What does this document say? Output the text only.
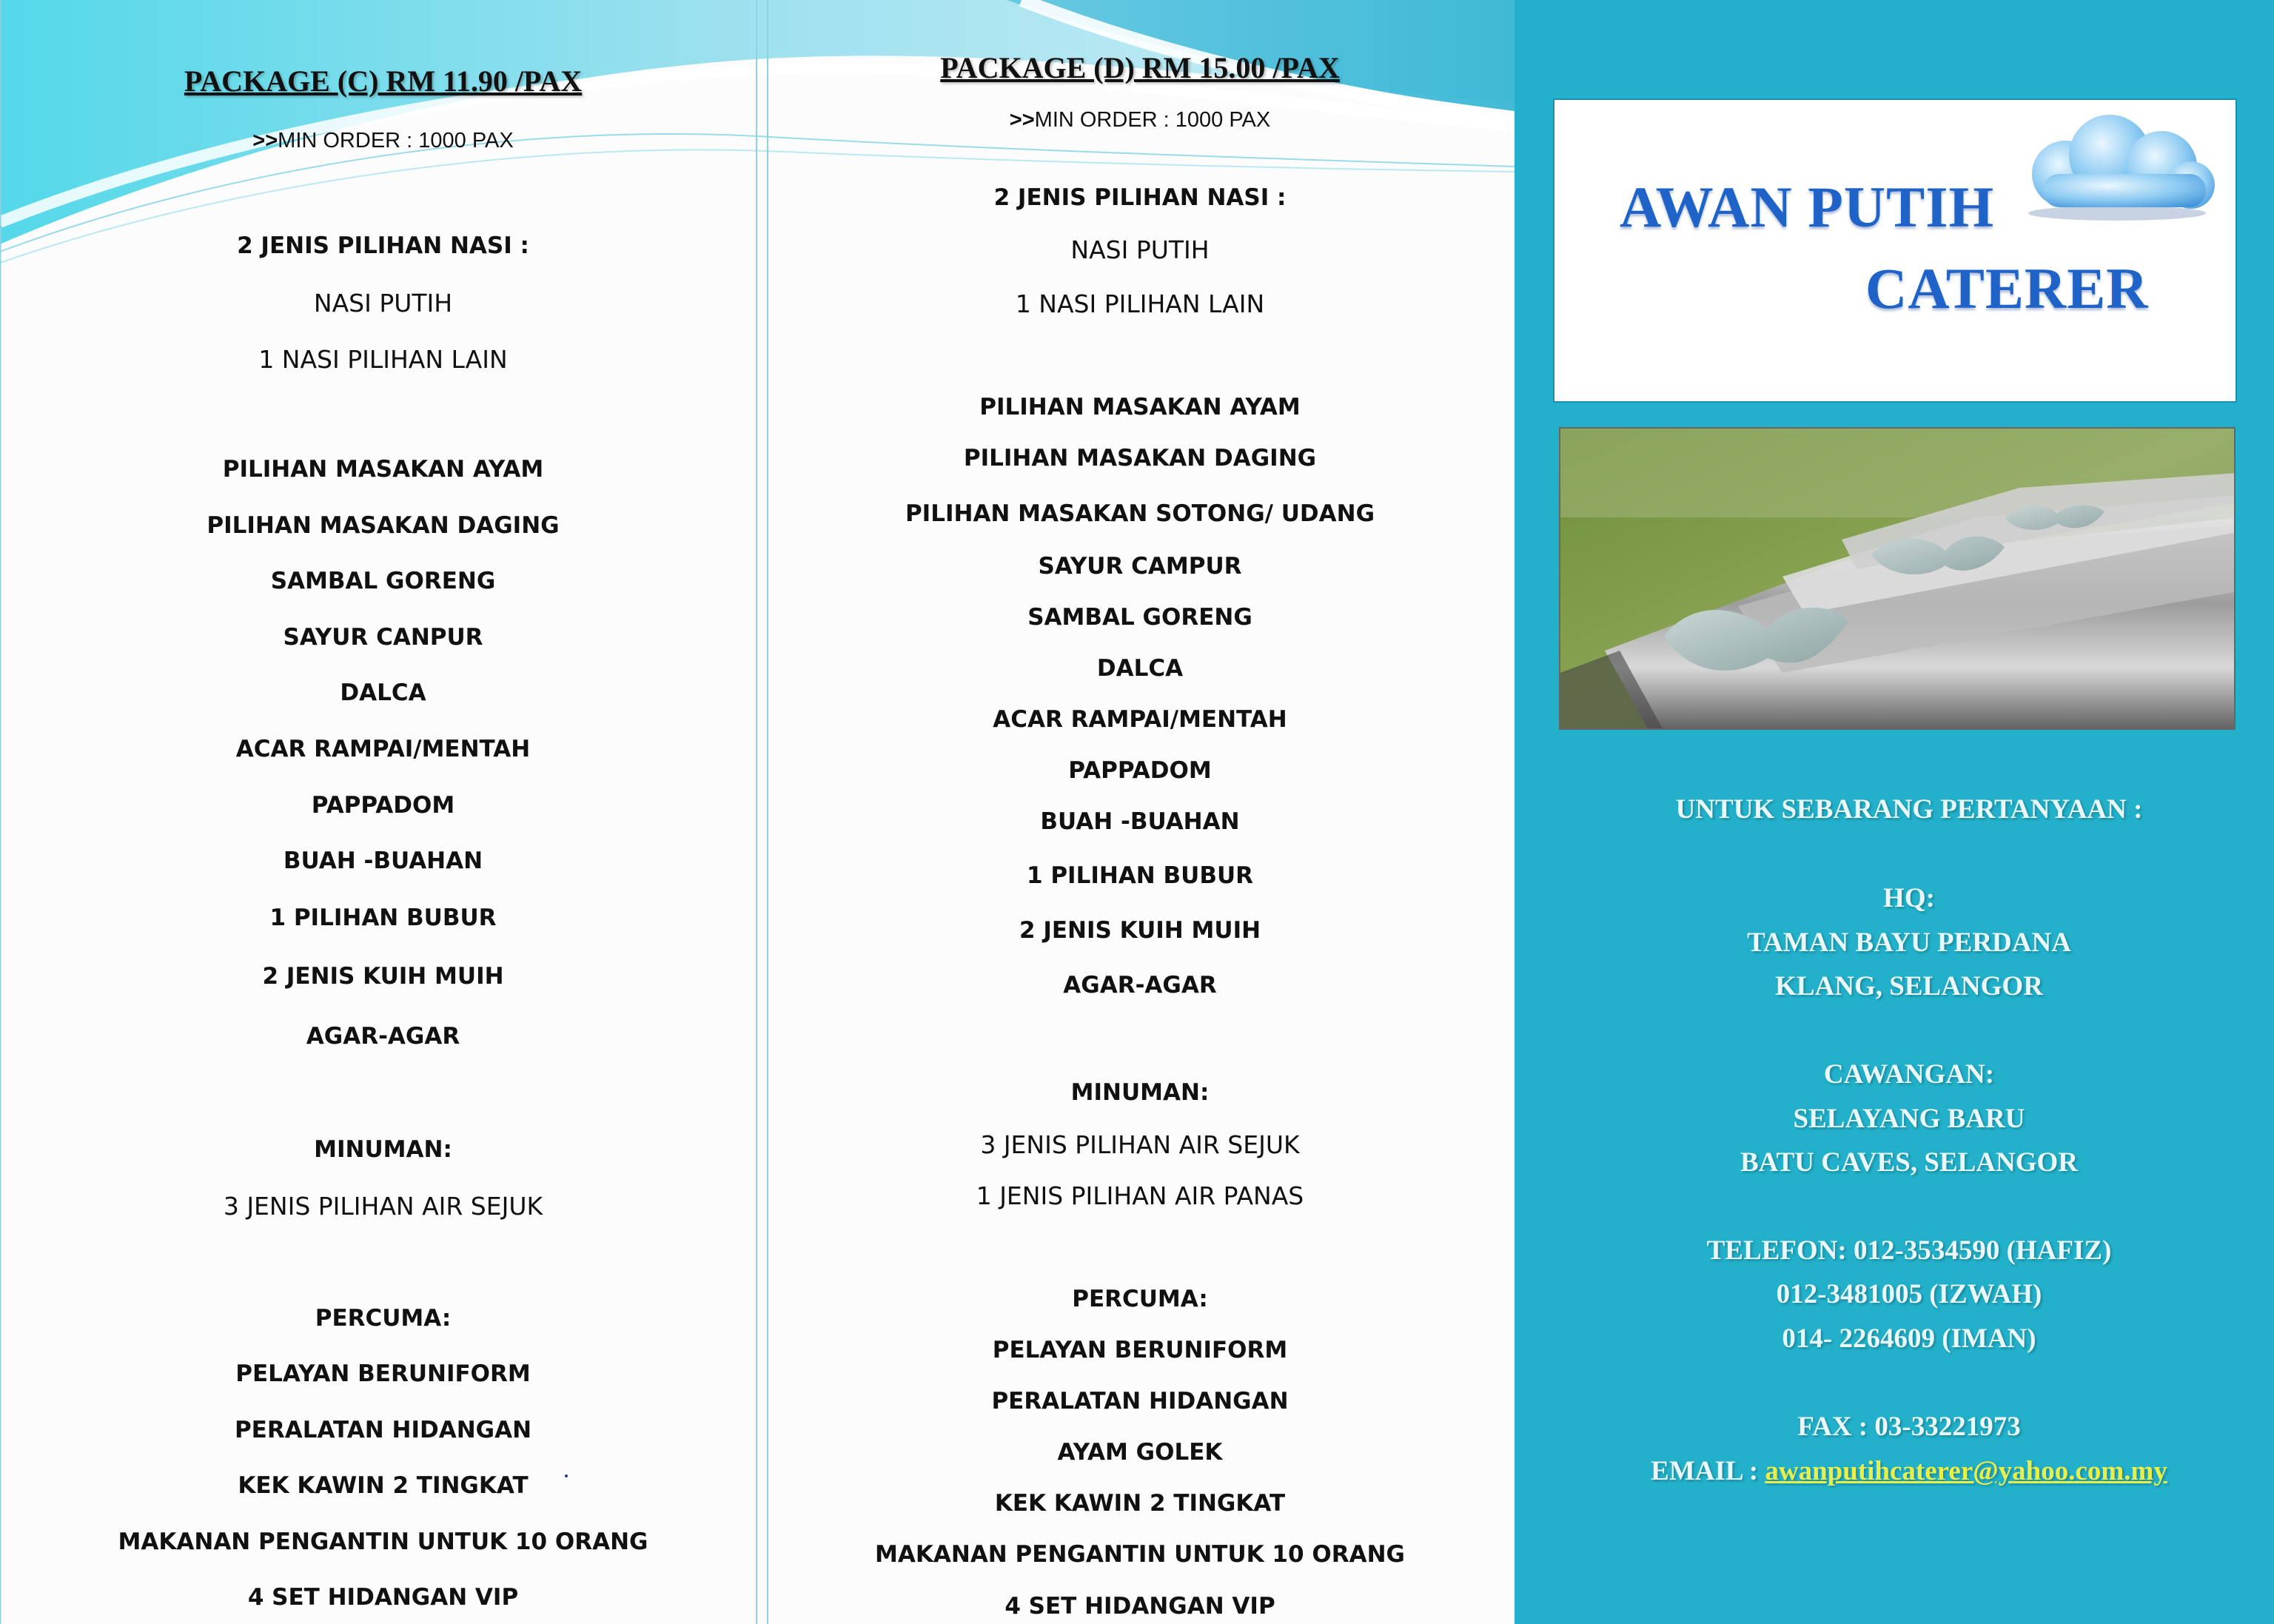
PACKAGE (C) RM 11.90 /PAX
>>MIN ORDER : 1000 PAX
2 JENIS PILIHAN NASI :
NASI PUTIH
1 NASI PILIHAN LAIN
PILIHAN MASAKAN AYAM
PILIHAN MASAKAN DAGING
SAMBAL GORENG
SAYUR CANPUR
DALCA
ACAR RAMPAI/MENTAH
PAPPADOM
BUAH -BUAHAN
1 PILIHAN BUBUR
2 JENIS KUIH MUIH
AGAR-AGAR
MINUMAN:
3 JENIS PILIHAN AIR SEJUK
PERCUMA:
PELAYAN BERUNIFORM
PERALATAN HIDANGAN
KEK KAWIN 2 TINGKAT
MAKANAN PENGANTIN UNTUK 10 ORANG
4 SET HIDANGAN VIP
PACKAGE (D) RM 15.00 /PAX
>>MIN ORDER : 1000 PAX
2 JENIS PILIHAN NASI :
NASI PUTIH
1 NASI PILIHAN LAIN
PILIHAN MASAKAN AYAM
PILIHAN MASAKAN DAGING
PILIHAN MASAKAN SOTONG/ UDANG
SAYUR CAMPUR
SAMBAL GORENG
DALCA
ACAR RAMPAI/MENTAH
PAPPADOM
BUAH -BUAHAN
1 PILIHAN BUBUR
2 JENIS KUIH MUIH
AGAR-AGAR
MINUMAN:
3 JENIS PILIHAN AIR SEJUK
1 JENIS PILIHAN AIR PANAS
PERCUMA:
PELAYAN BERUNIFORM
PERALATAN HIDANGAN
AYAM GOLEK
KEK KAWIN 2 TINGKAT
MAKANAN PENGANTIN UNTUK 10 ORANG
4 SET HIDANGAN VIP
AWAN PUTIH
CATERER
UNTUK SEBARANG PERTANYAAN :
HQ:
TAMAN BAYU PERDANA
KLANG, SELANGOR
CAWANGAN:
SELAYANG BARU
BATU CAVES, SELANGOR
TELEFON: 012-3534590 (HAFIZ)
012-3481005 (IZWAH)
014- 2264609 (IMAN)
FAX : 03-33221973
EMAIL : awanputihcaterer@yahoo.com.my
